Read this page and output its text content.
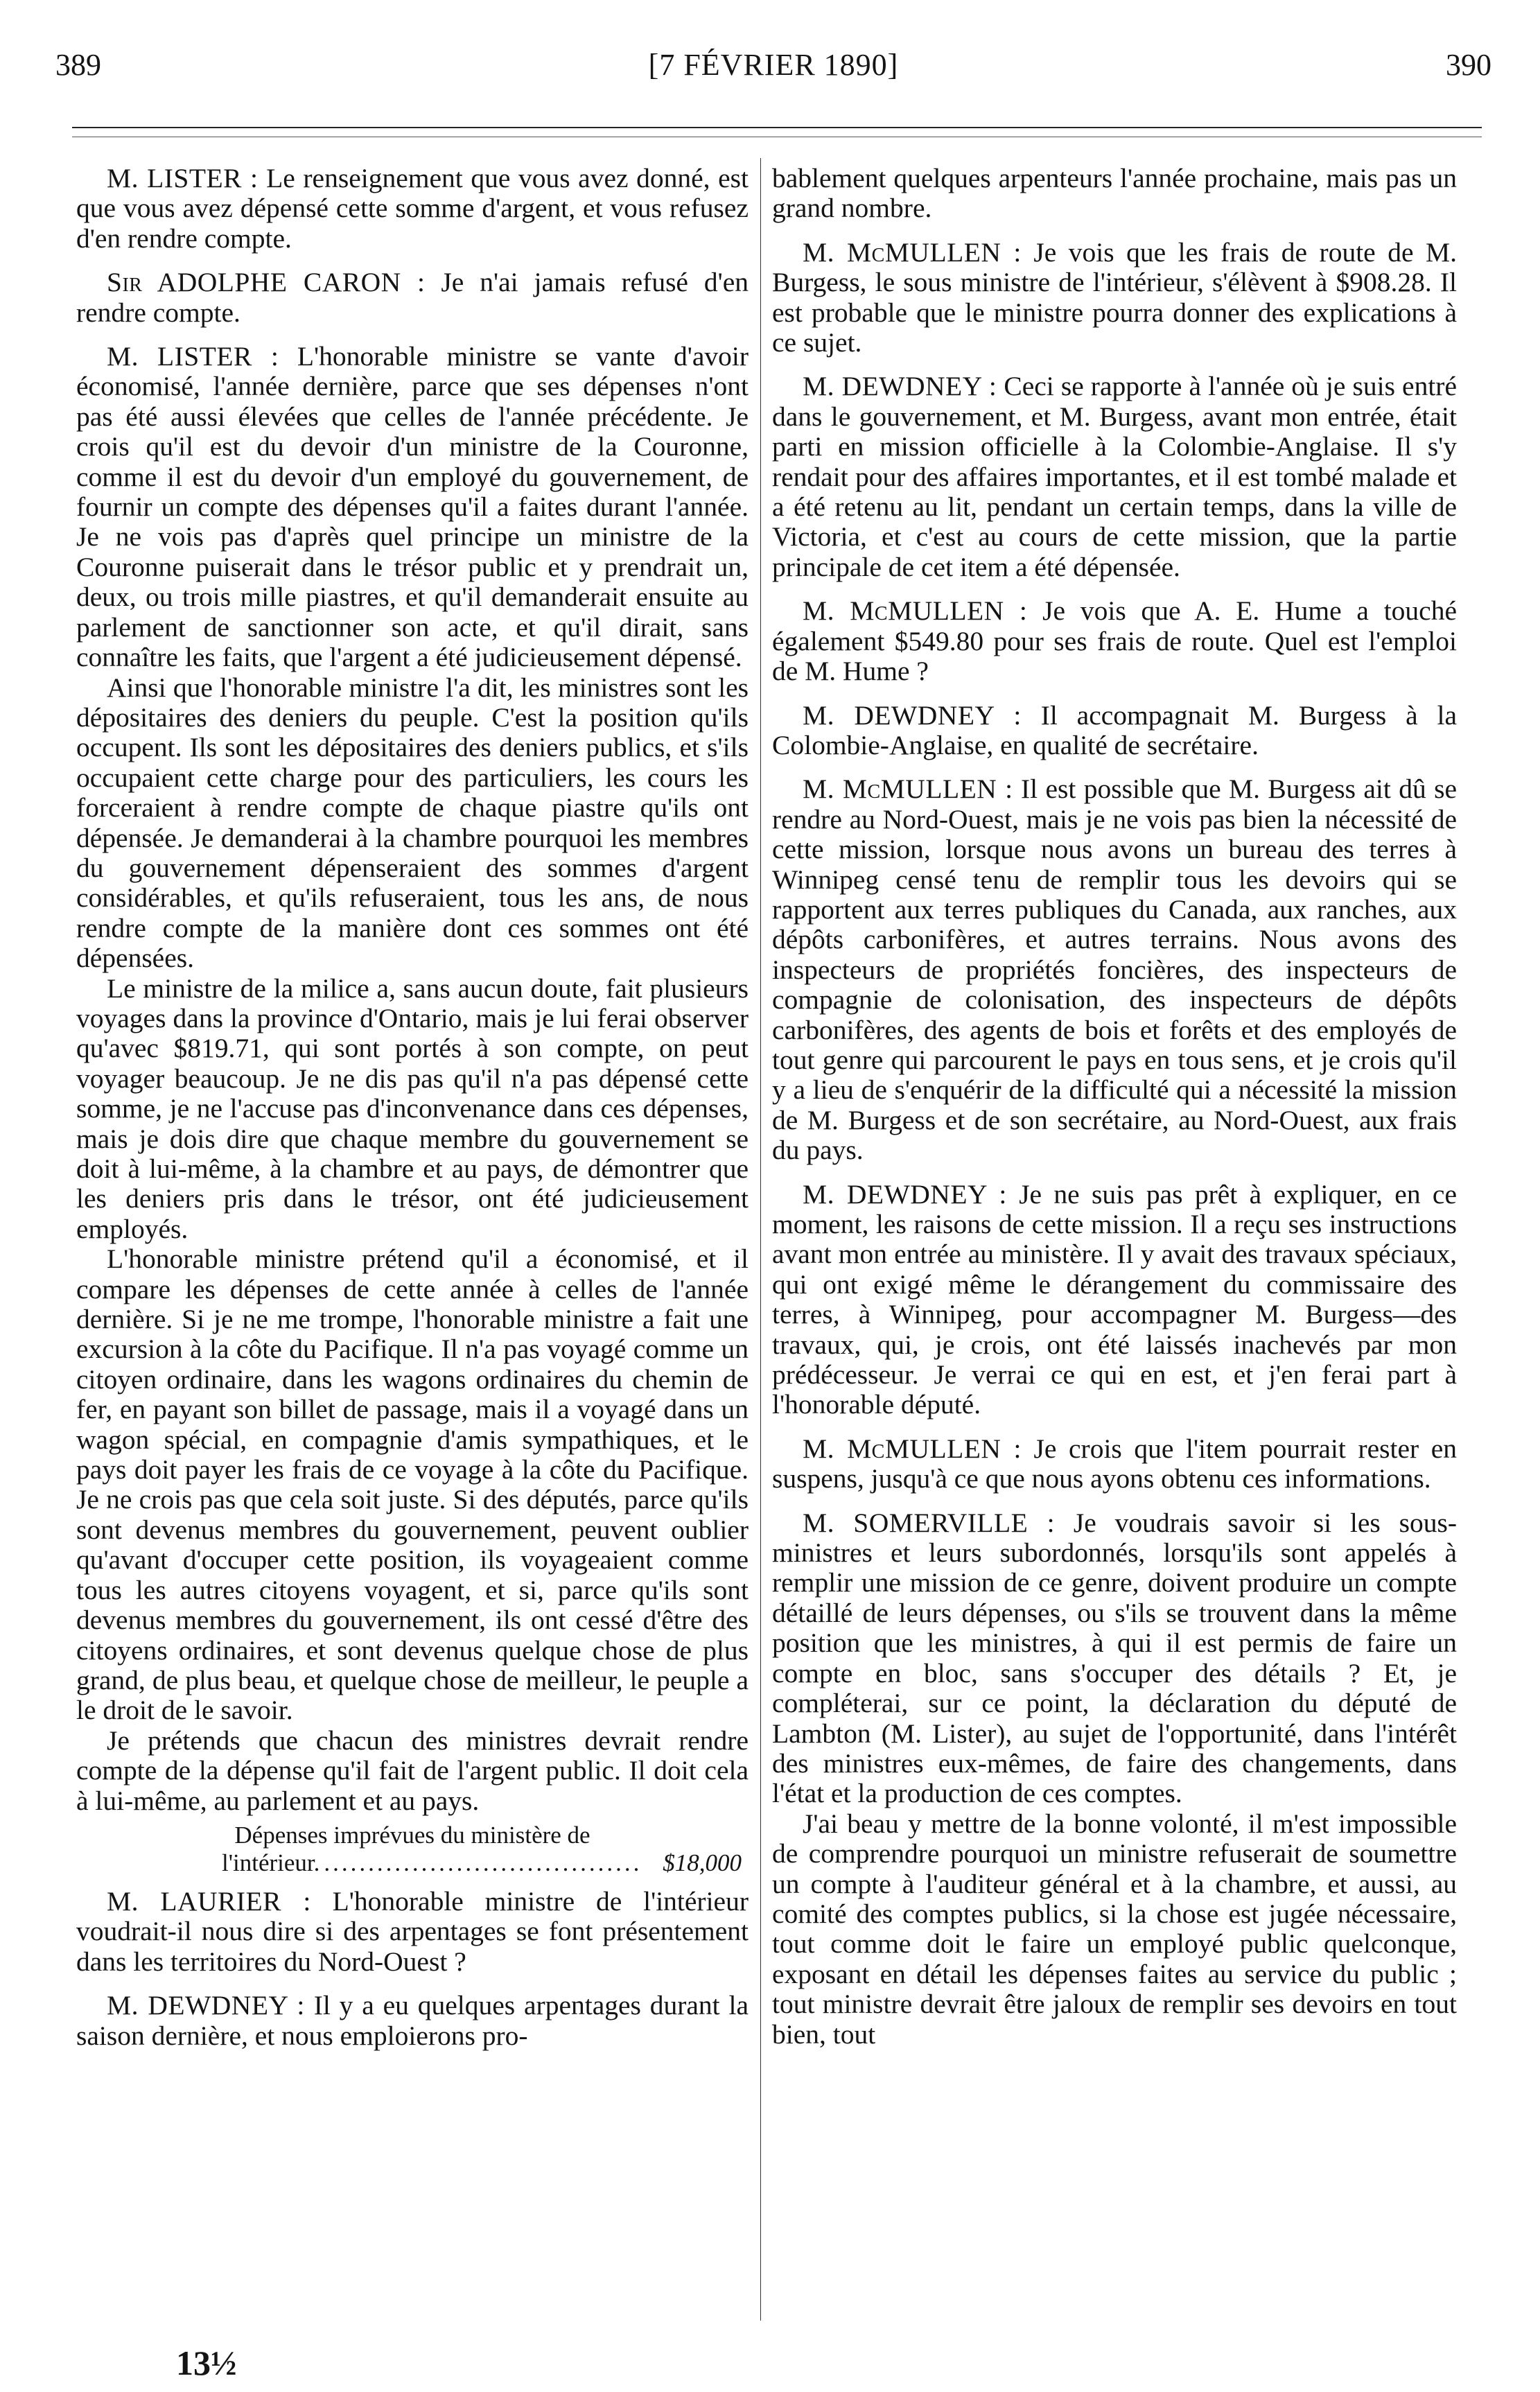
389	[7 FÉVRIER 1890]	390

M. LISTER : Le renseignement que vous avez donné, est que vous avez dépensé cette somme d'argent, et vous refusez d'en rendre compte.

Sir ADOLPHE CARON : Je n'ai jamais refusé d'en rendre compte.

M. LISTER : L'honorable ministre se vante d'avoir économisé, l'année dernière, parce que ses dépenses n'ont pas été aussi élevées que celles de l'année précédente. Je crois qu'il est du devoir d'un ministre de la Couronne, comme il est du devoir d'un employé du gouvernement, de fournir un compte des dépenses qu'il a faites durant l'année. Je ne vois pas d'après quel principe un ministre de la Couronne puiserait dans le trésor public et y prendrait un, deux, ou trois mille piastres, et qu'il demanderait ensuite au parlement de sanctionner son acte, et qu'il dirait, sans connaître les faits, que l'argent a été judicieusement dépensé.

Ainsi que l'honorable ministre l'a dit, les ministres sont les dépositaires des deniers du peuple. C'est la position qu'ils occupent. Ils sont les dépositaires des deniers publics, et s'ils occupaient cette charge pour des particuliers, les cours les forceraient à rendre compte de chaque piastre qu'ils ont dépensée. Je demanderai à la chambre pourquoi les membres du gouvernement dépenseraient des sommes d'argent considérables, et qu'ils refuseraient, tous les ans, de nous rendre compte de la manière dont ces sommes ont été dépensées.

Le ministre de la milice a, sans aucun doute, fait plusieurs voyages dans la province d'Ontario, mais je lui ferai observer qu'avec $819.71, qui sont portés à son compte, on peut voyager beaucoup. Je ne dis pas qu'il n'a pas dépensé cette somme, je ne l'accuse pas d'inconvenance dans ces dépenses, mais je dois dire que chaque membre du gouvernement se doit à lui-même, à la chambre et au pays, de démontrer que les deniers pris dans le trésor, ont été judicieusement employés.

L'honorable ministre prétend qu'il a économisé, et il compare les dépenses de cette année à celles de l'année dernière. Si je ne me trompe, l'honorable ministre a fait une excursion à la côte du Pacifique. Il n'a pas voyagé comme un citoyen ordinaire, dans les wagons ordinaires du chemin de fer, en payant son billet de passage, mais il a voyagé dans un wagon spécial, en compagnie d'amis sympathiques, et le pays doit payer les frais de ce voyage à la côte du Pacifique. Je ne crois pas que cela soit juste. Si des députés, parce qu'ils sont devenus membres du gouvernement, peuvent oublier qu'avant d'occuper cette position, ils voyageaient comme tous les autres citoyens voyagent, et si, parce qu'ils sont devenus membres du gouvernement, ils ont cessé d'être des citoyens ordinaires, et sont devenus quelque chose de plus grand, de plus beau, et quelque chose de meilleur, le peuple a le droit de le savoir.

Je prétends que chacun des ministres devrait rendre compte de la dépense qu'il fait de l'argent public. Il doit cela à lui-même, au parlement et au pays.

Dépenses imprévues du ministère de
l'intérieur. .................................... $18,000

M. LAURIER : L'honorable ministre de l'intérieur voudrait-il nous dire si des arpentages se font présentement dans les territoires du Nord-Ouest ?

M. DEWDNEY : Il y a eu quelques arpentages durant la saison dernière, et nous emploierons pro-

bablement quelques arpenteurs l'année prochaine, mais pas un grand nombre.

M. McMULLEN : Je vois que les frais de route de M. Burgess, le sous ministre de l'intérieur, s'élèvent à $908.28. Il est probable que le ministre pourra donner des explications à ce sujet.

M. DEWDNEY : Ceci se rapporte à l'année où je suis entré dans le gouvernement, et M. Burgess, avant mon entrée, était parti en mission officielle à la Colombie-Anglaise. Il s'y rendait pour des affaires importantes, et il est tombé malade et a été retenu au lit, pendant un certain temps, dans la ville de Victoria, et c'est au cours de cette mission, que la partie principale de cet item a été dépensée.

M. McMULLEN : Je vois que A. E. Hume a touché également $549.80 pour ses frais de route. Quel est l'emploi de M. Hume ?

M. DEWDNEY : Il accompagnait M. Burgess à la Colombie-Anglaise, en qualité de secrétaire.

M. McMULLEN : Il est possible que M. Burgess ait dû se rendre au Nord-Ouest, mais je ne vois pas bien la nécessité de cette mission, lorsque nous avons un bureau des terres à Winnipeg censé tenu de remplir tous les devoirs qui se rapportent aux terres publiques du Canada, aux ranches, aux dépôts carbonifères, et autres terrains. Nous avons des inspecteurs de propriétés foncières, des inspecteurs de compagnie de colonisation, des inspecteurs de dépôts carbonifères, des agents de bois et forêts et des employés de tout genre qui parcourent le pays en tous sens, et je crois qu'il y a lieu de s'enquérir de la difficulté qui a nécessité la mission de M. Burgess et de son secrétaire, au Nord-Ouest, aux frais du pays.

M. DEWDNEY : Je ne suis pas prêt à expliquer, en ce moment, les raisons de cette mission. Il a reçu ses instructions avant mon entrée au ministère. Il y avait des travaux spéciaux, qui ont exigé même le dérangement du commissaire des terres, à Winnipeg, pour accompagner M. Burgess—des travaux, qui, je crois, ont été laissés inachevés par mon prédécesseur. Je verrai ce qui en est, et j'en ferai part à l'honorable député.

M. McMULLEN : Je crois que l'item pourrait rester en suspens, jusqu'à ce que nous ayons obtenu ces informations.

M. SOMERVILLE : Je voudrais savoir si les sous-ministres et leurs subordonnés, lorsqu'ils sont appelés à remplir une mission de ce genre, doivent produire un compte détaillé de leurs dépenses, ou s'ils se trouvent dans la même position que les ministres, à qui il est permis de faire un compte en bloc, sans s'occuper des détails ? Et, je compléterai, sur ce point, la déclaration du député de Lambton (M. Lister), au sujet de l'opportunité, dans l'intérêt des ministres eux-mêmes, de faire des changements, dans l'état et la production de ces comptes.

J'ai beau y mettre de la bonne volonté, il m'est impossible de comprendre pourquoi un ministre refuserait de soumettre un compte à l'auditeur général et à la chambre, et aussi, au comité des comptes publics, si la chose est jugée nécessaire, tout comme doit le faire un employé public quelconque, exposant en détail les dépenses faites au service du public ; tout ministre devrait être jaloux de remplir ses devoirs en tout bien, tout

13½
